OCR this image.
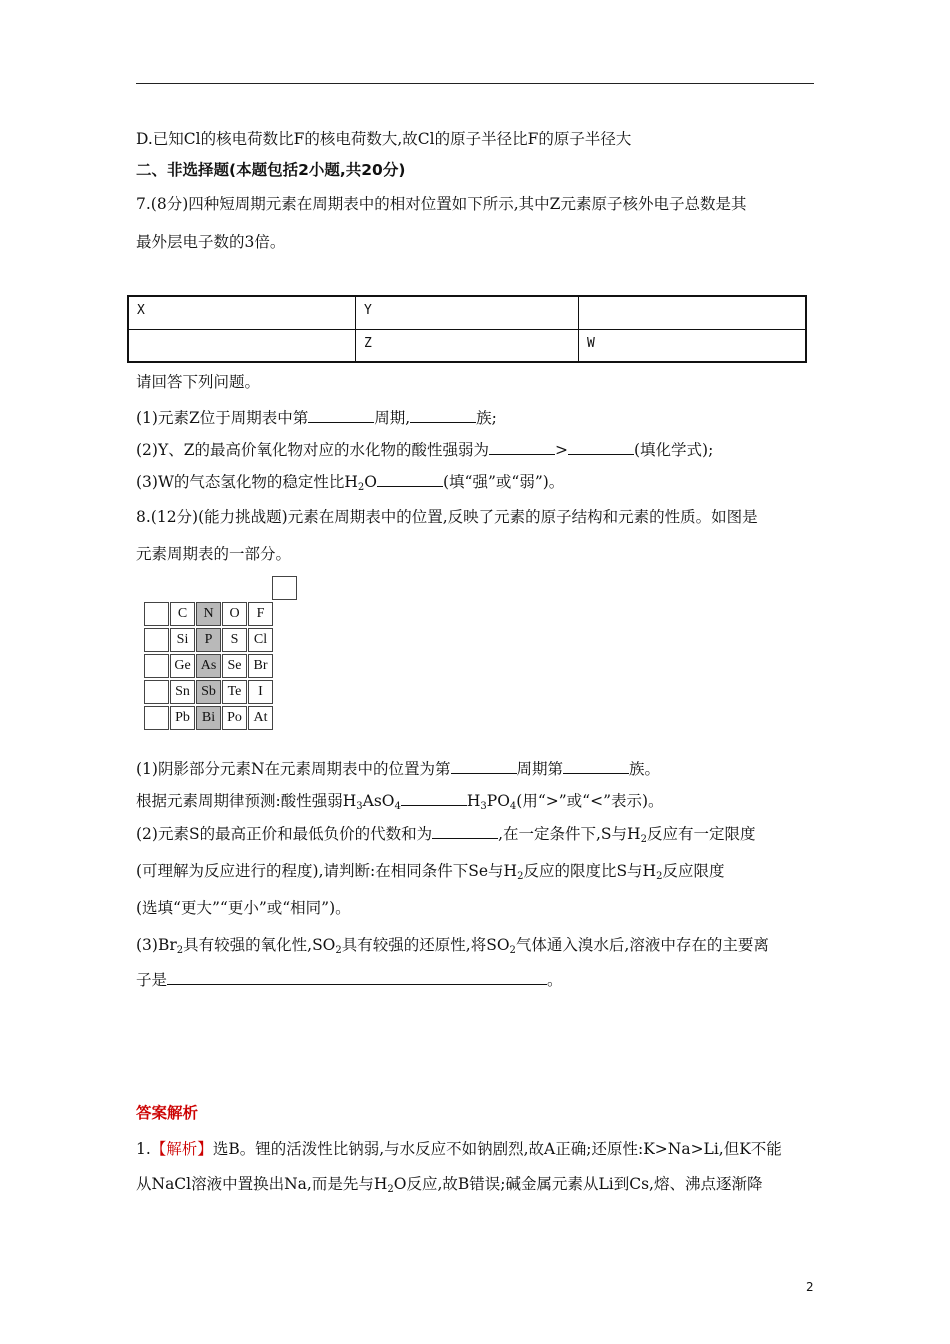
D.已知Cl的核电荷数比F的核电荷数大,故Cl的原子半径比F的原子半径大
二、非选择题(本题包括2小题,共20分)
7.(8分)四种短周期元素在周期表中的相对位置如下所示,其中Z元素原子核外电子总数是其
最外层电子数的3倍。
X	Y	
	Z	W
请回答下列问题。
(1)元素Z位于周期表中第	周期,	族;
(2)Y、Z的最高价氧化物对应的水化物的酸性强弱为	>	(填化学式);
(3)W的气态氢化物的稳定性比$H_2O$	(填“强”或“弱”)。
8.(12分)(能力挑战题)元素在周期表中的位置,反映了元素的原子结构和元素的性质。如图是
元素周期表的一部分。
C	N	O	F
Si	P	S	Cl
Ge As Se Br
Sn Sb Te	I
Pb Bi Po At
(1)阴影部分元素N在元素周期表中的位置为第	周期第	族。
根据元素周期律预测:酸性强弱$H_3AsO_4$	$H_3PO_4$(用“>”或“<”表示)。
(2)元素S的最高正价和最低负价的代数和为	,在一定条件下,S与$H_2$反应有一定限度
(可理解为反应进行的程度),请判断:在相同条件下Se与$H_2$反应的限度比S与$H_2$反应限度
(选填“更大”“更小”或“相同”)。
$(3)Br_2$具有较强的氧化性$,SO_2$具有较强的还原性,将$SO_2$气体通入溴水后,溶液中存在的主要离
子是	。
答案解析
1.【解析】选B。锂的活泼性比钠弱,与水反应不如钠剧烈,故A正确;还原性:K>Na>Li,但K不能
从NaCl溶液中置换出Na,而是先与$H_2O$反应,故B错误;碱金属元素从Li到Cs,熔、沸点逐渐降
2
